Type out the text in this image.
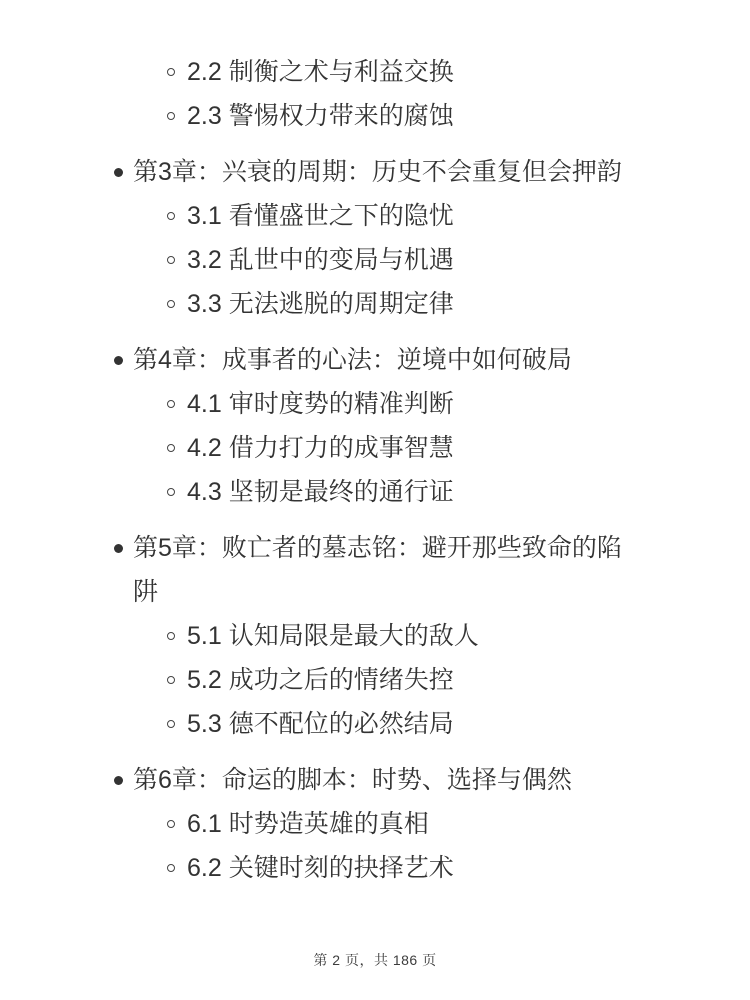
2.2 制衡之术与利益交换
2.3 警惕权力带来的腐蚀
第3章：兴衰的周期：历史不会重复但会押韵
3.1 看懂盛世之下的隐忧
3.2 乱世中的变局与机遇
3.3 无法逃脱的周期定律
第4章：成事者的心法：逆境中如何破局
4.1 审时度势的精准判断
4.2 借力打力的成事智慧
4.3 坚韧是最终的通行证
第5章：败亡者的墓志铭：避开那些致命的陷阱
5.1 认知局限是最大的敌人
5.2 成功之后的情绪失控
5.3 德不配位的必然结局
第6章：命运的脚本：时势、选择与偶然
6.1 时势造英雄的真相
6.2 关键时刻的抉择艺术
第 2 页，共 186 页
